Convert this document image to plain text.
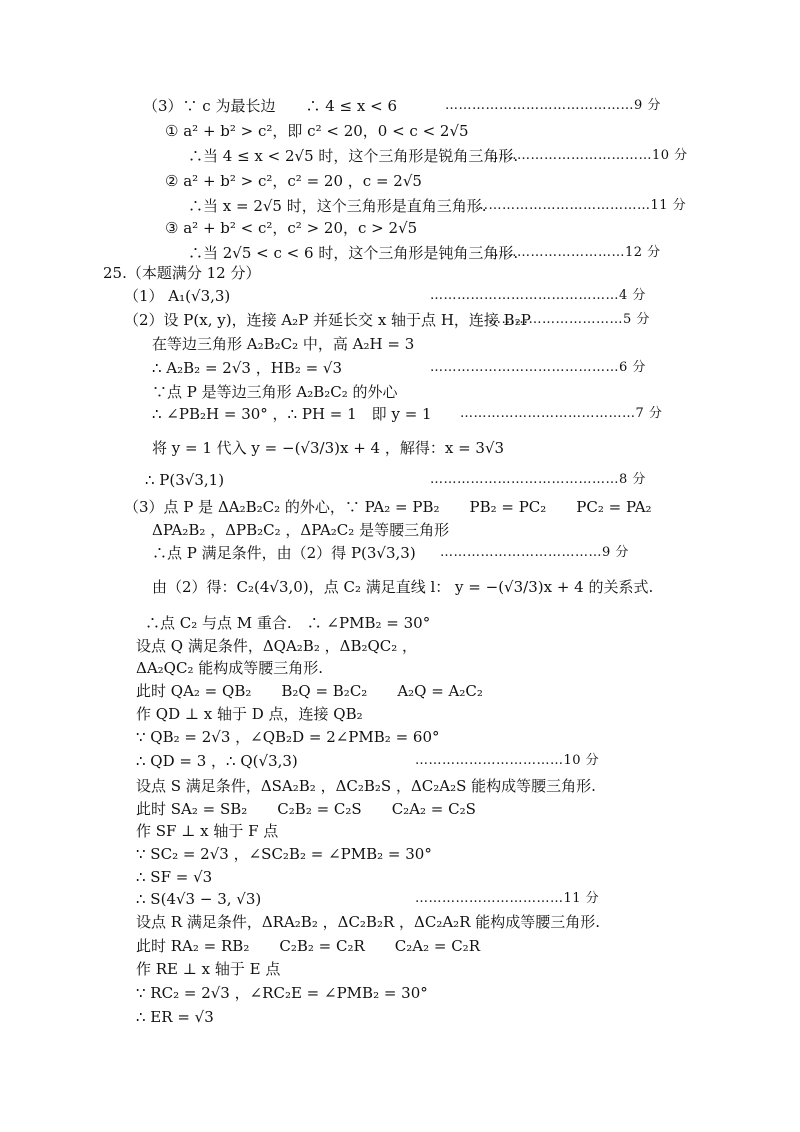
（3）∵ c 为最长边　　∴ 4 ≤ x < 6
① a² + b² > c²，即 c² < 20，0 < c < 2√5
∴当 4 ≤ x < 2√5 时，这个三角形是锐角三角形.
② a² + b² > c²，c² = 20 ，c = 2√5
∴当 x = 2√5 时，这个三角形是直角三角形.
③ a² + b² < c²，c² > 20，c > 2√5
∴当 2√5 < c < 6 时，这个三角形是钝角三角形.
25.（本题满分 12 分）
（1） A₁(√3,3)
（2）设 P(x, y)，连接 A₂P 并延长交 x 轴于点 H，连接 B₂P
在等边三角形 A₂B₂C₂ 中，高 A₂H = 3
∴ A₂B₂ = 2√3 ，HB₂ = √3
∵点 P 是等边三角形 A₂B₂C₂ 的外心
∴ ∠PB₂H = 30° ，∴ PH = 1　即 y = 1
将 y = 1 代入 y = −(√3/3)x + 4 ，解得：x = 3√3
∴ P(3√3,1)
（3）点 P 是 ΔA₂B₂C₂ 的外心，∵ PA₂ = PB₂　　PB₂ = PC₂　　PC₂ = PA₂
ΔPA₂B₂ ，ΔPB₂C₂ ，ΔPA₂C₂ 是等腰三角形
∴点 P 满足条件，由（2）得 P(3√3,3)
由（2）得：C₂(4√3,0)，点 C₂ 满足直线 l： y = −(√3/3)x + 4 的关系式.
∴点 C₂ 与点 M 重合.　∴ ∠PMB₂ = 30°
设点 Q 满足条件，ΔQA₂B₂ ，ΔB₂QC₂ ，
ΔA₂QC₂ 能构成等腰三角形.
此时 QA₂ = QB₂　　B₂Q = B₂C₂　　A₂Q = A₂C₂
作 QD ⊥ x 轴于 D 点，连接 QB₂
∵ QB₂ = 2√3 ，∠QB₂D = 2∠PMB₂ = 60°
∴ QD = 3 ，∴ Q(√3,3)
设点 S 满足条件，ΔSA₂B₂ ，ΔC₂B₂S ，ΔC₂A₂S 能构成等腰三角形.
此时 SA₂ = SB₂　　C₂B₂ = C₂S　　C₂A₂ = C₂S
作 SF ⊥ x 轴于 F 点
∵ SC₂ = 2√3 ，∠SC₂B₂ = ∠PMB₂ = 30°
∴ SF = √3
∴ S(4√3 − 3, √3)
设点 R 满足条件，ΔRA₂B₂ ，ΔC₂B₂R ，ΔC₂A₂R 能构成等腰三角形.
此时 RA₂ = RB₂　　C₂B₂ = C₂R　　C₂A₂ = C₂R
作 RE ⊥ x 轴于 E 点
∵ RC₂ = 2√3 ，∠RC₂E = ∠PMB₂ = 30°
∴ ER = √3
……………………………………9 分
………………………………10 分
…………………………………11 分
…………………………12 分
……………………………………4 分
…………………………5 分
……………………………………6 分
…………………………………7 分
……………………………………8 分
………………………………9 分
……………………………10 分
……………………………11 分
